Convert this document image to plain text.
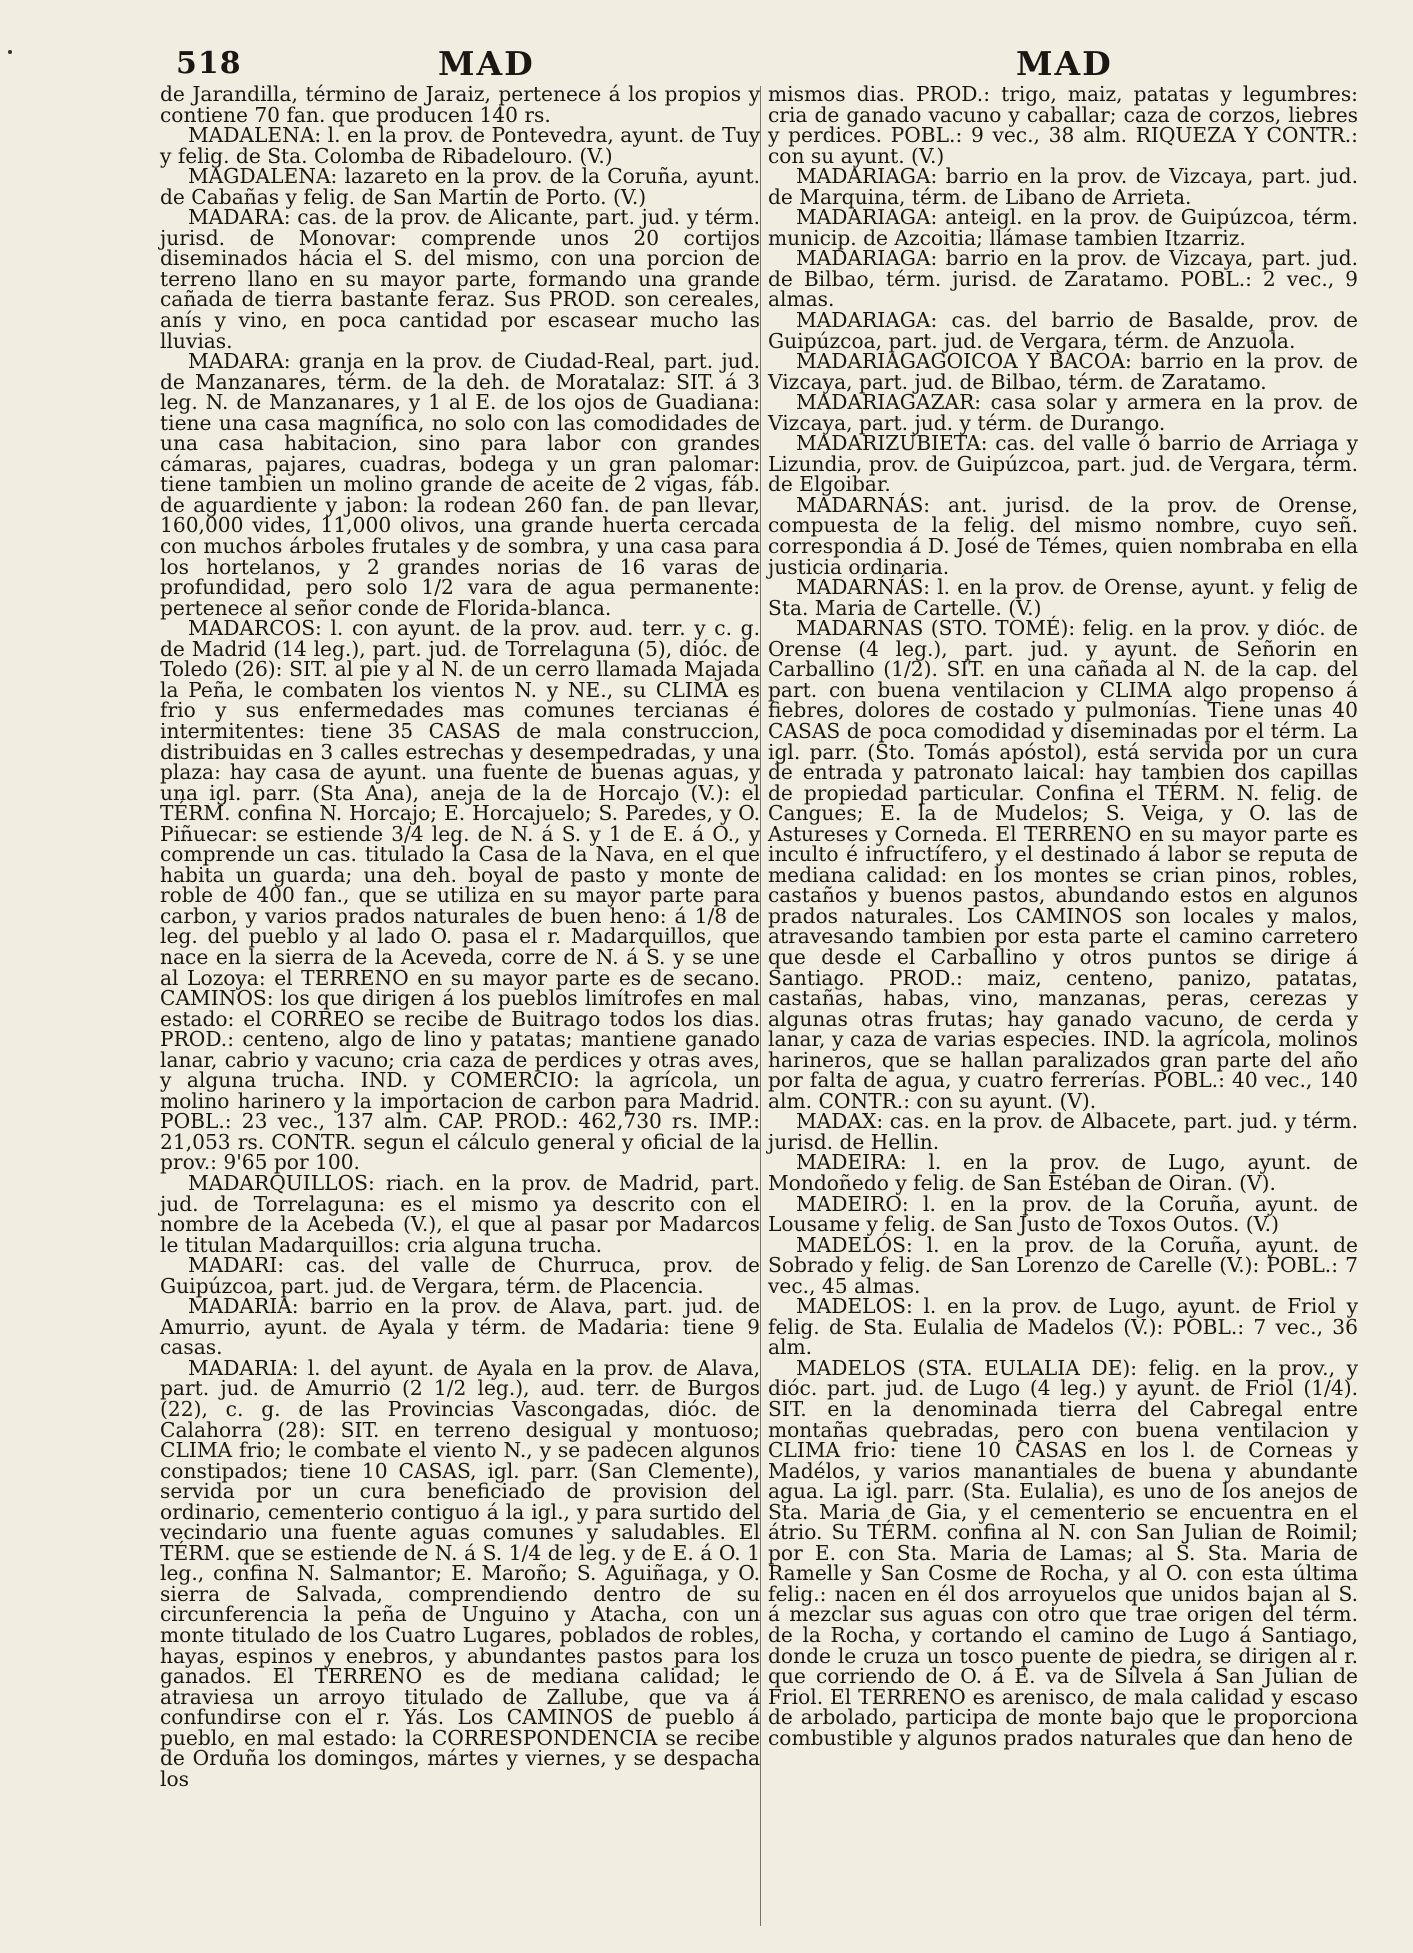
518	MAD	MAD

de Jarandilla, término de Jaraiz, pertenece á los propios y contiene 70 fan. que producen 140 rs.

MADALENA: l. en la prov. de Pontevedra, ayunt. de Tuy y felig. de Sta. Colomba de Ribadelouro. (V.)

MAGDALENA: lazareto en la prov. de la Coruña, ayunt. de Cabañas y felig. de San Martin de Porto. (V.)

MADARA: cas. de la prov. de Alicante, part. jud. y térm. jurisd. de Monovar: comprende unos 20 cortijos diseminados hácia el S. del mismo, con una porcion de terreno llano en su mayor parte, formando una grande cañada de tierra bastante feraz. Sus PROD. son cereales, anís y vino, en poca cantidad por escasear mucho las lluvias.

MADARA: granja en la prov. de Ciudad-Real, part. jud. de Manzanares, térm. de la deh. de Moratalaz: SIT. á 3 leg. N. de Manzanares, y 1 al E. de los ojos de Guadiana: tiene una casa magnífica, no solo con las comodidades de una casa habitacion, sino para labor con grandes cámaras, pajares, cuadras, bodega y un gran palomar: tiene tambien un molino grande de aceite de 2 vigas, fáb. de aguardiente y jabon: la rodean 260 fan. de pan llevar, 160,000 vides, 11,000 olivos, una grande huerta cercada con muchos árboles frutales y de sombra, y una casa para los hortelanos, y 2 grandes norias de 16 varas de profundidad, pero solo 1/2 vara de agua permanente: pertenece al señor conde de Florida-blanca.

MADARCOS: l. con ayunt. de la prov. aud. terr. y c. g. de Madrid (14 leg.), part. jud. de Torrelaguna (5), dióc. de Toledo (26): SIT. al pie y al N. de un cerro llamada Majada la Peña, le combaten los vientos N. y NE., su CLIMA es frio y sus enfermedades mas comunes tercianas é intermitentes: tiene 35 CASAS de mala construccion, distribuidas en 3 calles estrechas y desempedradas, y una plaza: hay casa de ayunt. una fuente de buenas aguas, y una igl. parr. (Sta Ana), aneja de la de Horcajo (V.): el TÉRM. confina N. Horcajo; E. Horcajuelo; S. Paredes, y O. Piñuecar: se estiende 3/4 leg. de N. á S. y 1 de E. á O., y comprende un cas. titulado la Casa de la Nava, en el que habita un guarda; una deh. boyal de pasto y monte de roble de 400 fan., que se utiliza en su mayor parte para carbon, y varios prados naturales de buen heno: á 1/8 de leg. del pueblo y al lado O. pasa el r. Madarquillos, que nace en la sierra de la Aceveda, corre de N. á S. y se une al Lozoya: el TERRENO en su mayor parte es de secano. CAMINOS: los que dirigen á los pueblos limítrofes en mal estado: el CORREO se recibe de Buitrago todos los dias. PROD.: centeno, algo de lino y patatas; mantiene ganado lanar, cabrio y vacuno; cria caza de perdices y otras aves, y alguna trucha. IND. y COMERCIO: la agrícola, un molino harinero y la importacion de carbon para Madrid. POBL.: 23 vec., 137 alm. CAP. PROD.: 462,730 rs. IMP.: 21,053 rs. CONTR. segun el cálculo general y oficial de la prov.: 9'65 por 100.

MADARQUILLOS: riach. en la prov. de Madrid, part. jud. de Torrelaguna: es el mismo ya descrito con el nombre de la Acebeda (V.), el que al pasar por Madarcos le titulan Madarquillos: cria alguna trucha.

MADARI: cas. del valle de Churruca, prov. de Guipúzcoa, part. jud. de Vergara, térm. de Placencia.

MADARIA: barrio en la prov. de Alava, part. jud. de Amurrio, ayunt. de Ayala y térm. de Madaria: tiene 9 casas.

MADARIA: l. del ayunt. de Ayala en la prov. de Alava, part. jud. de Amurrio (2 1/2 leg.), aud. terr. de Burgos (22), c. g. de las Provincias Vascongadas, dióc. de Calahorra (28): SIT. en terreno desigual y montuoso; CLIMA frio; le combate el viento N., y se padecen algunos constipados; tiene 10 CASAS, igl. parr. (San Clemente), servida por un cura beneficiado de provision del ordinario, cementerio contiguo á la igl., y para surtido del vecindario una fuente aguas comunes y saludables. El TÉRM. que se estiende de N. á S. 1/4 de leg. y de E. á O. 1 leg., confina N. Salmantor; E. Maroño; S. Aguiñaga, y O. sierra de Salvada, comprendiendo dentro de su circunferencia la peña de Unguino y Atacha, con un monte titulado de los Cuatro Lugares, poblados de robles, hayas, espinos y enebros, y abundantes pastos para los ganados. El TERRENO es de mediana calidad; le atraviesa un arroyo titulado de Zallube, que va á confundirse con el r. Yás. Los CAMINOS de pueblo á pueblo, en mal estado: la CORRESPONDENCIA se recibe de Orduña los domingos, mártes y viernes, y se despacha los

mismos dias. PROD.: trigo, maiz, patatas y legumbres: cria de ganado vacuno y caballar; caza de corzos, liebres y perdices. POBL.: 9 vec., 38 alm. RIQUEZA Y CONTR.: con su ayunt. (V.)

MADARIAGA: barrio en la prov. de Vizcaya, part. jud. de Marquina, térm. de Libano de Arrieta.

MADARIAGA: anteigl. en la prov. de Guipúzcoa, térm. municip. de Azcoitia; llámase tambien Itzarriz.

MADARIAGA: barrio en la prov. de Vizcaya, part. jud. de Bilbao, térm. jurisd. de Zaratamo. POBL.: 2 vec., 9 almas.

MADARIAGA: cas. del barrio de Basalde, prov. de Guipúzcoa, part. jud. de Vergara, térm. de Anzuola.

MADARIAGAGOICOA Y BACOA: barrio en la prov. de Vizcaya, part. jud. de Bilbao, térm. de Zaratamo.

MADARIAGAZAR: casa solar y armera en la prov. de Vizcaya, part. jud. y térm. de Durango.

MADARIZUBIETA: cas. del valle ó barrio de Arriaga y Lizundia, prov. de Guipúzcoa, part. jud. de Vergara, térm. de Elgoibar.

MADARNÁS: ant. jurisd. de la prov. de Orense, compuesta de la felig. del mismo nombre, cuyo señ. correspondia á D. José de Témes, quien nombraba en ella justicia ordinaria.

MADARNÁS: l. en la prov. de Orense, ayunt. y felig de Sta. Maria de Cartelle. (V.)

MADARNAS (STO. TOMÉ): felig. en la prov. y dióc. de Orense (4 leg.), part. jud. y ayunt. de Señorin en Carballino (1/2). SIT. en una cañada al N. de la cap. del part. con buena ventilacion y CLIMA algo propenso á fiebres, dolores de costado y pulmonías. Tiene unas 40 CASAS de poca comodidad y diseminadas por el térm. La igl. parr. (Sto. Tomás apóstol), está servida por un cura de entrada y patronato laical: hay tambien dos capillas de propiedad particular. Confina el TÉRM. N. felig. de Cangues; E. la de Mudelos; S. Veiga, y O. las de Astureses y Corneda. El TERRENO en su mayor parte es inculto é infructífero, y el destinado á labor se reputa de mediana calidad: en los montes se crian pinos, robles, castaños y buenos pastos, abundando estos en algunos prados naturales. Los CAMINOS son locales y malos, atravesando tambien por esta parte el camino carretero que desde el Carballino y otros puntos se dirige á Santiago. PROD.: maiz, centeno, panizo, patatas, castañas, habas, vino, manzanas, peras, cerezas y algunas otras frutas; hay ganado vacuno, de cerda y lanar, y caza de varias especies. IND. la agrícola, molinos harineros, que se hallan paralizados gran parte del año por falta de agua, y cuatro ferrerías. POBL.: 40 vec., 140 alm. CONTR.: con su ayunt. (V).

MADAX: cas. en la prov. de Albacete, part. jud. y térm. jurisd. de Hellin.

MADEIRA: l. en la prov. de Lugo, ayunt. de Mondoñedo y felig. de San Estéban de Oiran. (V).

MADEIRO: l. en la prov. de la Coruña, ayunt. de Lousame y felig. de San Justo de Toxos Outos. (V.)

MADELÓS: l. en la prov. de la Coruña, ayunt. de Sobrado y felig. de San Lorenzo de Carelle (V.): POBL.: 7 vec., 45 almas.

MADELOS: l. en la prov. de Lugo, ayunt. de Friol y felig. de Sta. Eulalia de Madelos (V.): POBL.: 7 vec., 36 alm.

MADELOS (STA. EULALIA DE): felig. en la prov., y dióc. part. jud. de Lugo (4 leg.) y ayunt. de Friol (1/4). SIT. en la denominada tierra del Cabregal entre montañas quebradas, pero con buena ventilacion y CLIMA frio: tiene 10 CASAS en los l. de Corneas y Madélos, y varios manantiales de buena y abundante agua. La igl. parr. (Sta. Eulalia), es uno de los anejos de Sta. Maria de Gia, y el cementerio se encuentra en el átrio. Su TÉRM. confina al N. con San Julian de Roimil; por E. con Sta. Maria de Lamas; al S. Sta. Maria de Ramelle y San Cosme de Rocha, y al O. con esta última felig.: nacen en él dos arroyuelos que unidos bajan al S. á mezclar sus aguas con otro que trae origen del térm. de la Rocha, y cortando el camino de Lugo á Santiago, donde le cruza un tosco puente de piedra, se dirigen al r. que corriendo de O. á E. va de Silvela á San Julian de Friol. El TERRENO es arenisco, de mala calidad y escaso de arbolado, participa de monte bajo que le proporciona combustible y algunos prados naturales que dan heno de
